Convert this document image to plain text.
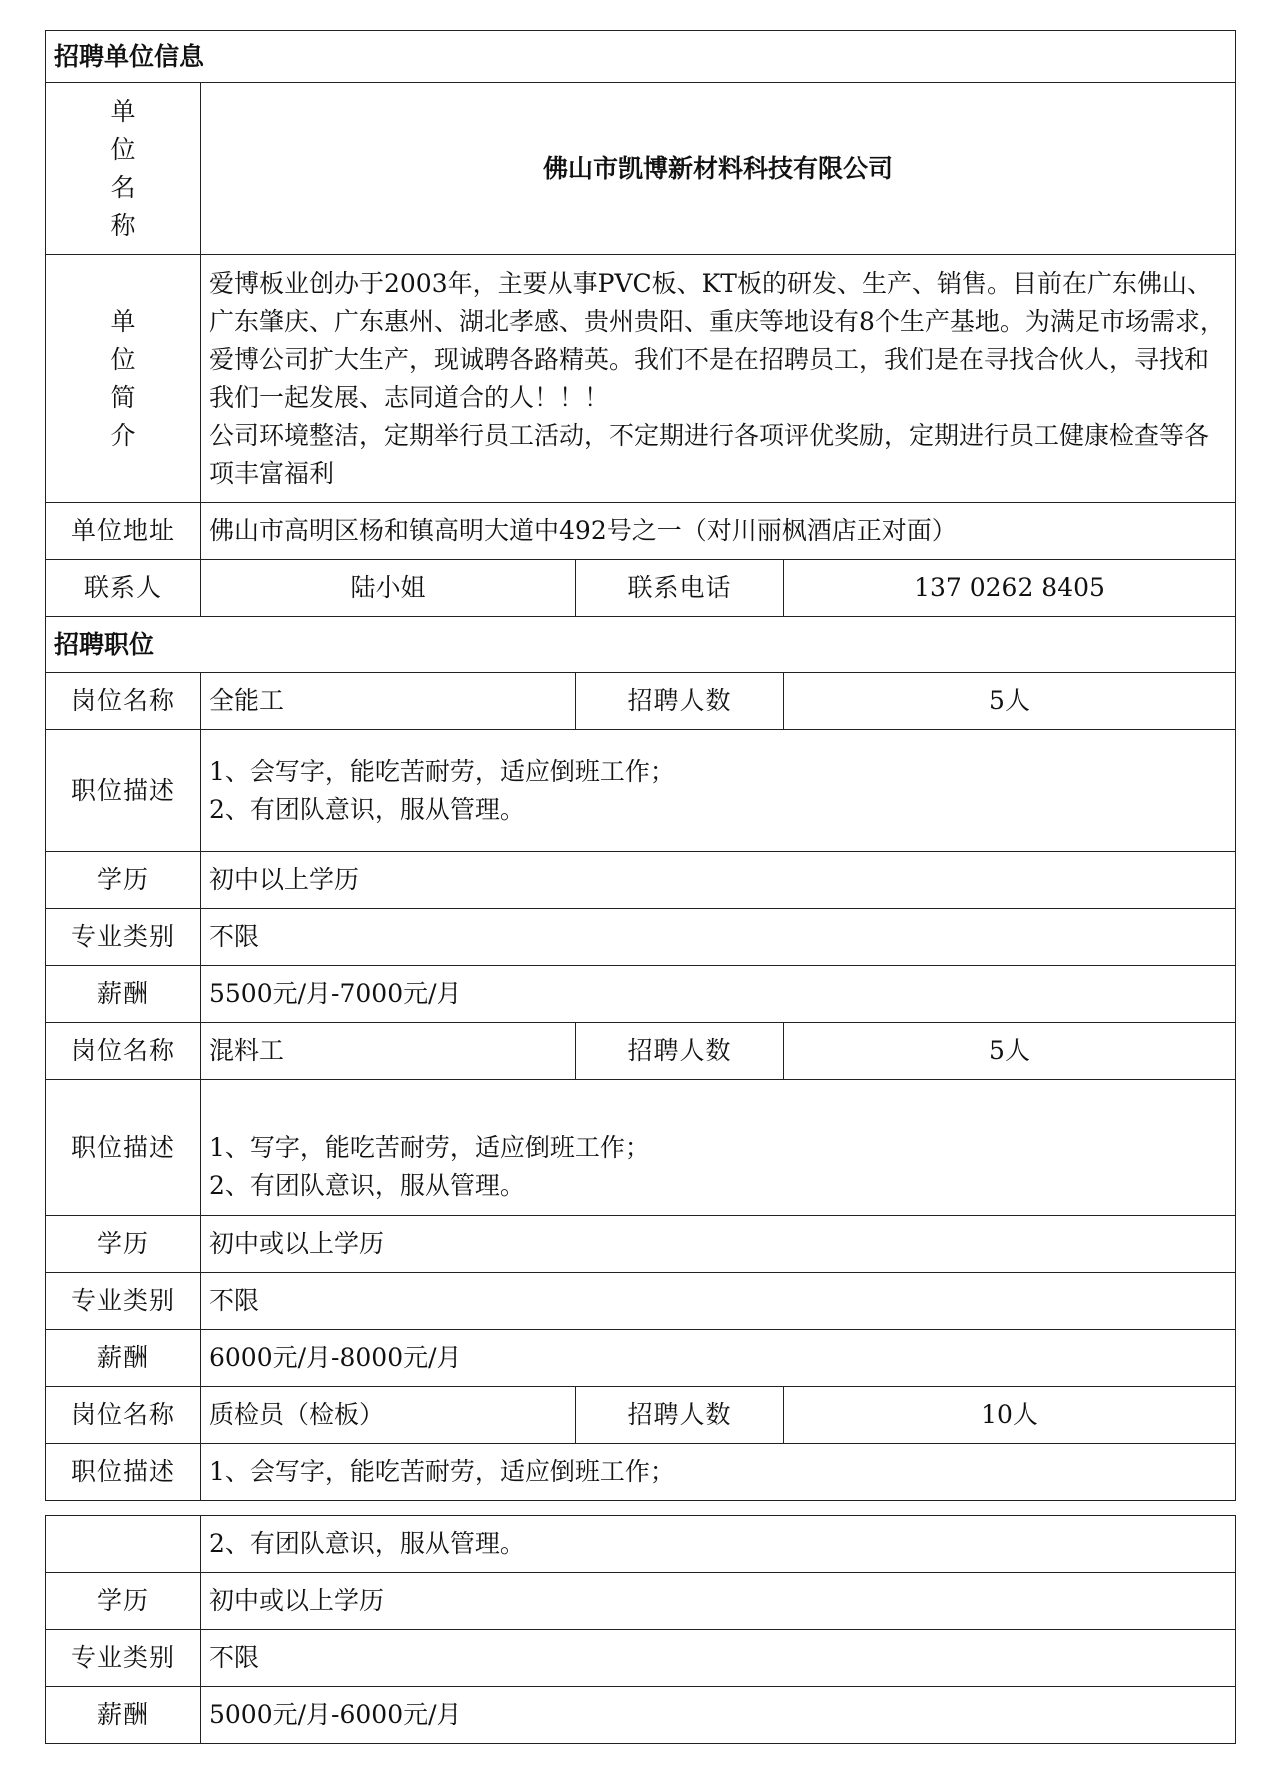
招聘单位信息			

单位名称	佛山市凯博新材料科技有限公司		

单位简介	爱博板业创办于2003年，主要从事PVC板、KT板的研发、生产、销售。目前在广东佛山、广东肇庆、广东惠州、湖北孝感、贵州贵阳、重庆等地设有8个生产基地。为满足市场需求，爱博公司扩大生产，现诚聘各路精英。我们不是在招聘员工，我们是在寻找合伙人，寻找和我们一起发展、志同道合的人！！！

公司环境整洁，定期举行员工活动，不定期进行各项评优奖励，定期进行员工健康检查等各项丰富福利		

单位地址	佛山市高明区杨和镇高明大道中492号之一（对川丽枫酒店正对面）		
联系人	陆小姐	联系电话	137 0262 8405
招聘职位			
岗位名称	全能工	招聘人数	5人
职位描述	1、会写字，能吃苦耐劳，适应倒班工作；

2、有团队意识，服从管理。		

学历	初中以上学历		
专业类别	不限		
薪酬	5500元/月-7000元/月		
岗位名称	混料工	招聘人数	5人
职位描述	1、写字，能吃苦耐劳，适应倒班工作；

2、有团队意识，服从管理。		

学历	初中或以上学历		
专业类别	不限		
薪酬	6000元/月-8000元/月		
岗位名称	质检员（检板）	招聘人数	10人
职位描述	1、会写字，能吃苦耐劳，适应倒班工作；		
	2、有团队意识，服从管理。
学历	初中或以上学历
专业类别	不限
薪酬	5000元/月-6000元/月
